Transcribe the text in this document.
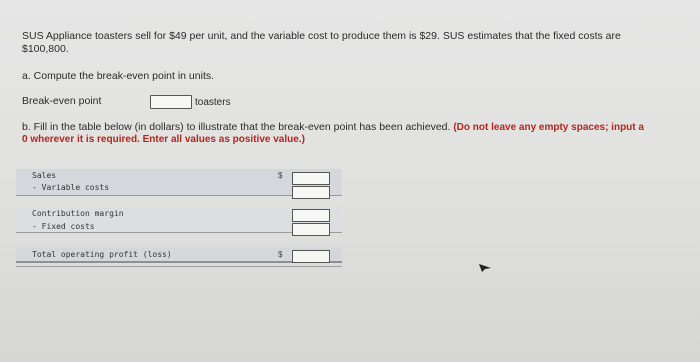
SUS Appliance toasters sell for $49 per unit, and the variable cost to produce them is $29. SUS estimates that the fixed costs are
$100,800.
a. Compute the break-even point in units.
Break-even point	toasters
b. Fill in the table below (in dollars) to illustrate that the break-even point has been achieved. (Do not leave any empty spaces; input a
0 wherever it is required. Enter all values as positive value.)
Sales	$
- Variable costs
Contribution margin
- Fixed costs
Total operating profit (loss)	$
